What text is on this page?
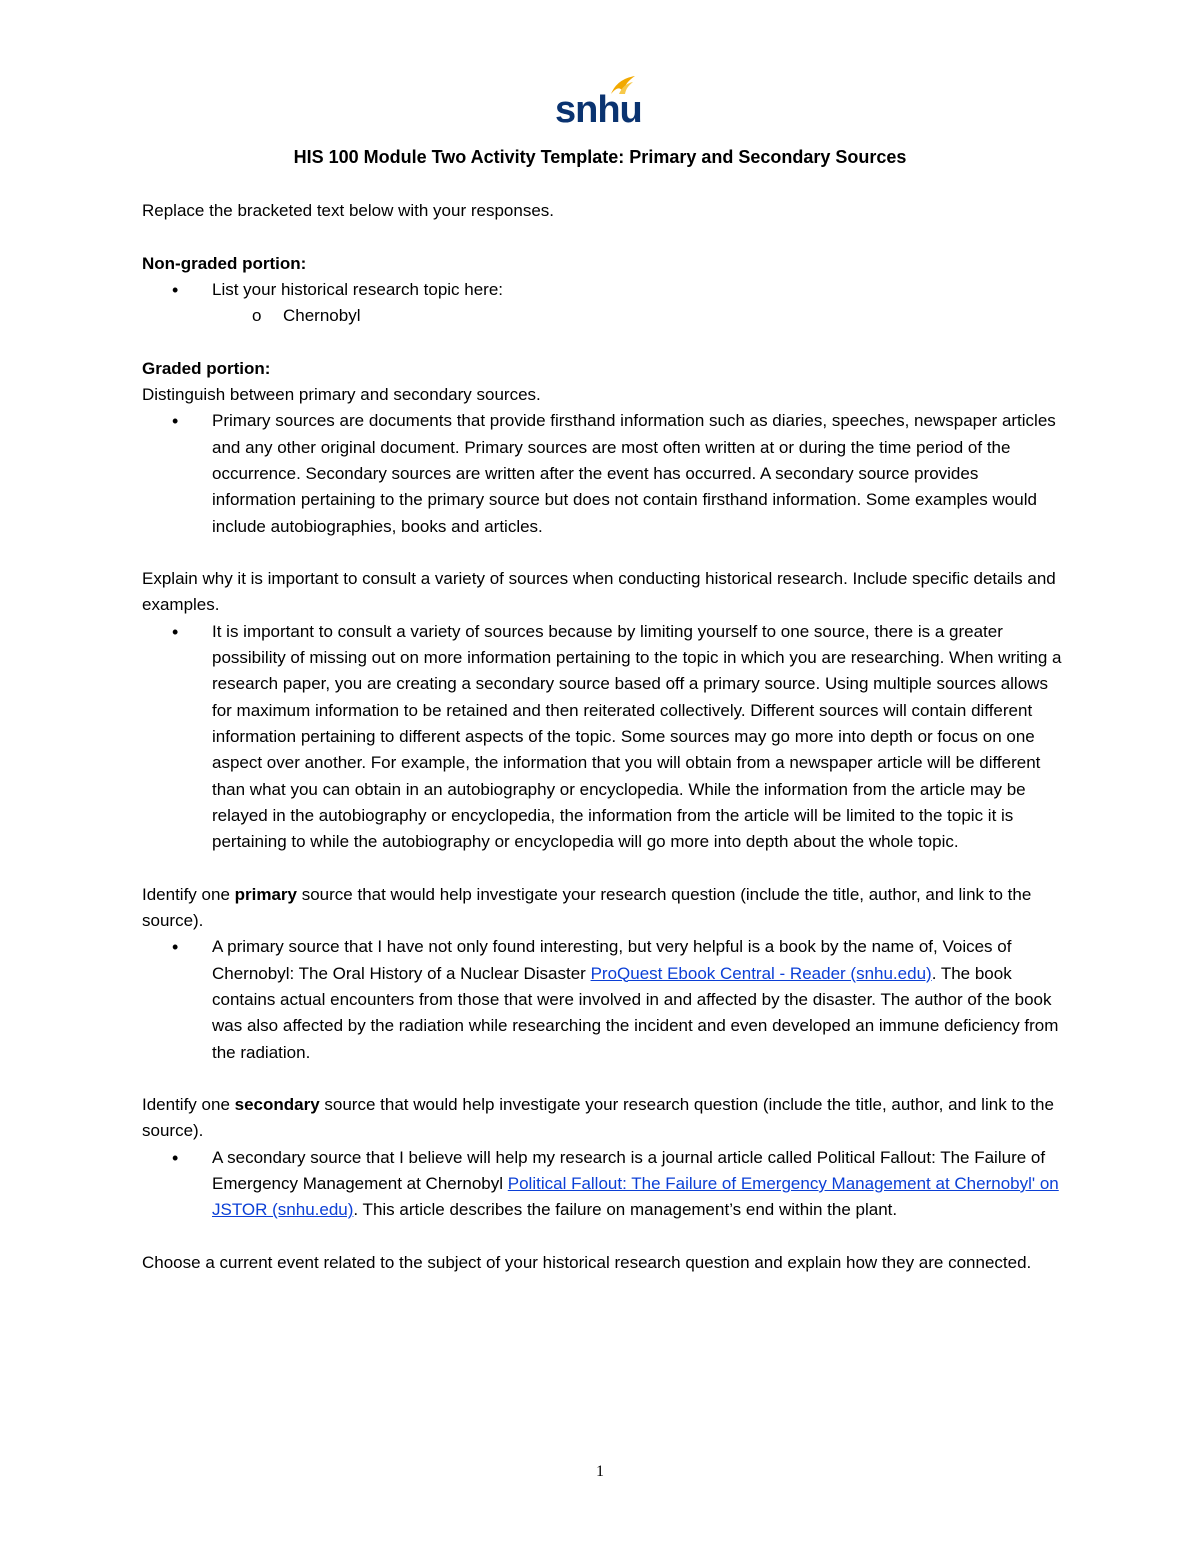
snhu
HIS 100 Module Two Activity Template: Primary and Secondary Sources

Replace the bracketed text below with your responses.

Non-graded portion:

• List your historical research topic here:
o Chernobyl

Graded portion:

Distinguish between primary and secondary sources.

• Primary sources are documents that provide firsthand information such as diaries, speeches, newspaper articles and any other original document. Primary sources are most often written at or during the time period of the occurrence. Secondary sources are written after the event has occurred. A secondary source provides information pertaining to the primary source but does not contain firsthand information. Some examples would include autobiographies, books and articles.

Explain why it is important to consult a variety of sources when conducting historical research. Include specific details and examples.

• It is important to consult a variety of sources because by limiting yourself to one source, there is a greater possibility of missing out on more information pertaining to the topic in which you are researching. When writing a research paper, you are creating a secondary source based off a primary source. Using multiple sources allows for maximum information to be retained and then reiterated collectively. Different sources will contain different information pertaining to different aspects of the topic. Some sources may go more into depth or focus on one aspect over another. For example, the information that you will obtain from a newspaper article will be different than what you can obtain in an autobiography or encyclopedia. While the information from the article may be relayed in the autobiography or encyclopedia, the information from the article will be limited to the topic it is pertaining to while the autobiography or encyclopedia will go more into depth about the whole topic.

Identify one primary source that would help investigate your research question (include the title, author, and link to the source).

• A primary source that I have not only found interesting, but very helpful is a book by the name of, Voices of Chernobyl: The Oral History of a Nuclear Disaster ProQuest Ebook Central - Reader (snhu.edu). The book contains actual encounters from those that were involved in and affected by the disaster. The author of the book was also affected by the radiation while researching the incident and even developed an immune deficiency from the radiation.

Identify one secondary source that would help investigate your research question (include the title, author, and link to the source).

• A secondary source that I believe will help my research is a journal article called Political Fallout: The Failure of Emergency Management at Chernobyl Political Fallout: The Failure of Emergency Management at Chernobyl' on JSTOR (snhu.edu). This article describes the failure on management’s end within the plant.

Choose a current event related to the subject of your historical research question and explain how they are connected.

1
